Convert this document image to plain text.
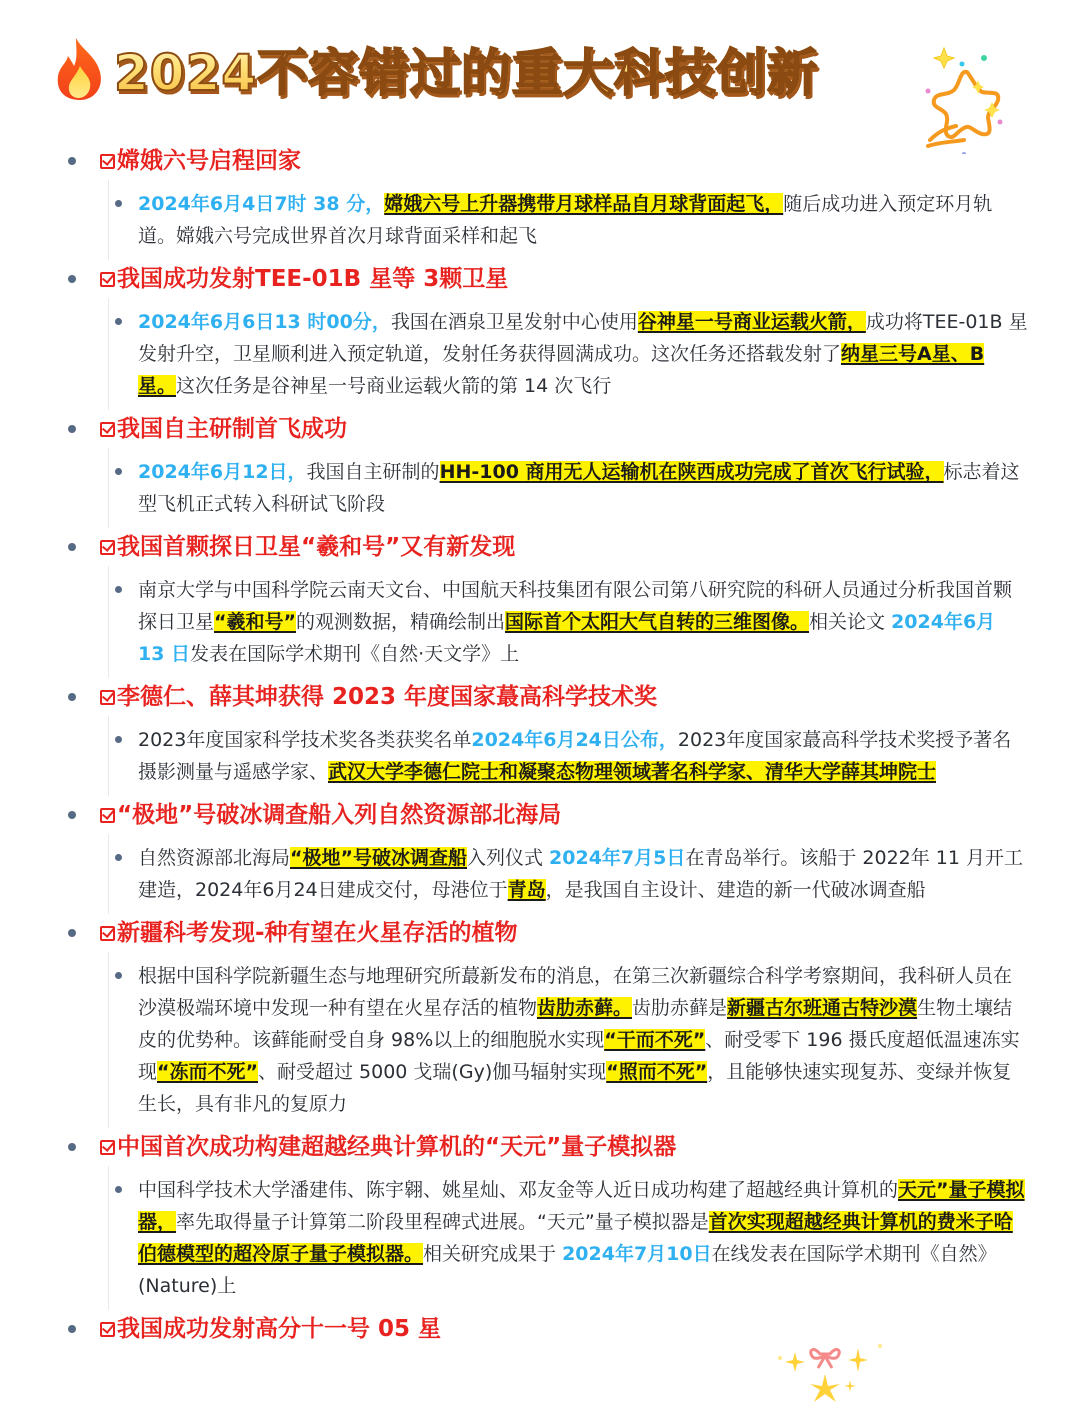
2024不容错过的重大科技创新
嫦娥六号启程回家
2024年6月4日7时 38 分，嫦娥六号上升器携带月球样品自月球背面起飞，随后成功进入预定环月轨道。嫦娥六号完成世界首次月球背面采样和起飞
我国成功发射TEE-01B 星等 3颗卫星
2024年6月6日13 时00分，我国在酒泉卫星发射中心使用谷神星一号商业运载火箭，成功将TEE-01B 星发射升空，卫星顺利进入预定轨道，发射任务获得圆满成功。这次任务还搭载发射了纳星三号A星、B 星。这次任务是谷神星一号商业运载火箭的第 14 次飞行
我国自主研制首飞成功
2024年6月12日，我国自主研制的HH-100 商用无人运输机在陕西成功完成了首次飞行试验，标志着这型飞机正式转入科研试飞阶段
我国首颗探日卫星“羲和号”又有新发现
南京大学与中国科学院云南天文台、中国航天科技集团有限公司第八研究院的科研人员通过分析我国首颗探日卫星“羲和号”的观测数据，精确绘制出国际首个太阳大气自转的三维图像。相关论文 2024年6月 13 日发表在国际学术期刊《自然·天文学》上
李德仁、薛其坤获得 2023 年度国家蕞高科学技术奖
2023年度国家科学技术奖各类获奖名单2024年6月24日公布，2023年度国家蕞高科学技术奖授予著名摄影测量与遥感学家、武汉大学李德仁院士和凝聚态物理领域著名科学家、清华大学薛其坤院士
“极地”号破冰调查船入列自然资源部北海局
自然资源部北海局“极地”号破冰调查船入列仪式 2024年7月5日在青岛举行。该船于 2022年 11 月开工建造，2024年6月24日建成交付，母港位于青岛，是我国自主设计、建造的新一代破冰调查船
新疆科考发现-种有望在火星存活的植物
根据中国科学院新疆生态与地理研究所蕞新发布的消息，在第三次新疆综合科学考察期间，我科研人员在沙漠极端环境中发现一种有望在火星存活的植物齿肋赤藓。齿肋赤藓是新疆古尔班通古特沙漠生物土壤结皮的优势种。该藓能耐受自身 98%以上的细胞脱水实现“干而不死”、耐受零下 196 摄氏度超低温速冻实现“冻而不死”、耐受超过 5000 戈瑞(Gy)伽马辐射实现“照而不死”，且能够快速实现复苏、变绿并恢复生长，具有非凡的复原力
中国首次成功构建超越经典计算机的“天元”量子模拟器
中国科学技术大学潘建伟、陈宇翱、姚星灿、邓友金等人近日成功构建了超越经典计算机的天元”量子模拟器，率先取得量子计算第二阶段里程碑式进展。“天元”量子模拟器是首次实现超越经典计算机的费米子哈伯德模型的超冷原子量子模拟器。相关研究成果于 2024年7月10日在线发表在国际学术期刊《自然》(Nature)上
我国成功发射高分十一号 05 星
